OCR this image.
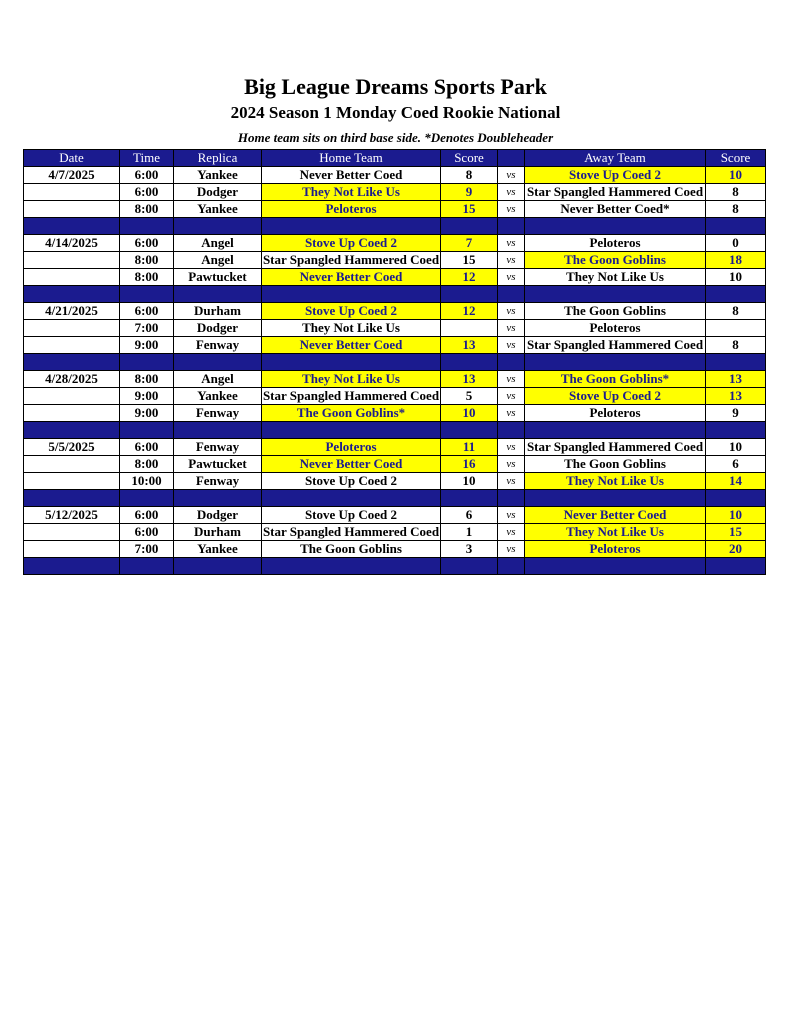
Big League Dreams Sports Park
2024 Season 1 Monday Coed Rookie National
Home team sits on third base side. *Denotes Doubleheader
Date	Time	Replica	Home Team	Score		Away Team	Score
4/7/2025	6:00	Yankee	Never Better Coed	8	vs	Stove Up Coed 2	10
	6:00	Dodger	They Not Like Us	9	vs	Star Spangled Hammered Coed	8
	8:00	Yankee	Peloteros	15	vs	Never Better Coed*	8

4/14/2025	6:00	Angel	Stove Up Coed 2	7	vs	Peloteros	0
	8:00	Angel	Star Spangled Hammered Coed	15	vs	The Goon Goblins	18
	8:00	Pawtucket	Never Better Coed	12	vs	They Not Like Us	10

4/21/2025	6:00	Durham	Stove Up Coed 2	12	vs	The Goon Goblins	8
	7:00	Dodger	They Not Like Us		vs	Peloteros	
	9:00	Fenway	Never Better Coed	13	vs	Star Spangled Hammered Coed	8

4/28/2025	8:00	Angel	They Not Like Us	13	vs	The Goon Goblins*	13
	9:00	Yankee	Star Spangled Hammered Coed	5	vs	Stove Up Coed 2	13
	9:00	Fenway	The Goon Goblins*	10	vs	Peloteros	9

5/5/2025	6:00	Fenway	Peloteros	11	vs	Star Spangled Hammered Coed	10
	8:00	Pawtucket	Never Better Coed	16	vs	The Goon Goblins	6
	10:00	Fenway	Stove Up Coed 2	10	vs	They Not Like Us	14

5/12/2025	6:00	Dodger	Stove Up Coed 2	6	vs	Never Better Coed	10
	6:00	Durham	Star Spangled Hammered Coed	1	vs	They Not Like Us	15
	7:00	Yankee	The Goon Goblins	3	vs	Peloteros	20
